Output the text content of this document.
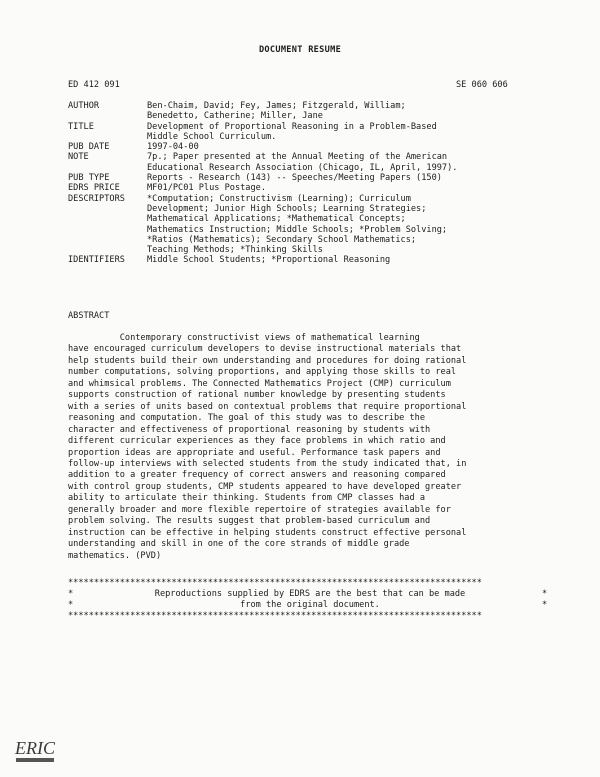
DOCUMENT RESUME
ED 412 091	SE 060 606
AUTHOR	Ben-Chaim, David; Fey, James; Fitzgerald, William;
Benedetto, Catherine; Miller, Jane
TITLE	Development of Proportional Reasoning in a Problem-Based
Middle School Curriculum.
PUB DATE	1997-04-00
NOTE	7p.; Paper presented at the Annual Meeting of the American
Educational Research Association (Chicago, IL, April, 1997).
PUB TYPE	Reports - Research (143) -- Speeches/Meeting Papers (150)
EDRS PRICE	MF01/PC01 Plus Postage.
DESCRIPTORS	*Computation; Constructivism (Learning); Curriculum
Development; Junior High Schools; Learning Strategies;
Mathematical Applications; *Mathematical Concepts;
Mathematics Instruction; Middle Schools; *Problem Solving;
*Ratios (Mathematics); Secondary School Mathematics;
Teaching Methods; *Thinking Skills
IDENTIFIERS	Middle School Students; *Proportional Reasoning
ABSTRACT
Contemporary constructivist views of mathematical learning
have encouraged curriculum developers to devise instructional materials that
help students build their own understanding and procedures for doing rational
number computations, solving proportions, and applying those skills to real
and whimsical problems. The Connected Mathematics Project (CMP) curriculum
supports construction of rational number knowledge by presenting students
with a series of units based on contextual problems that require proportional
reasoning and computation. The goal of this study was to describe the
character and effectiveness of proportional reasoning by students with
different curricular experiences as they face problems in which ratio and
proportion ideas are appropriate and useful. Performance task papers and
follow-up interviews with selected students from the study indicated that, in
addition to a greater frequency of correct answers and reasoning compared
with control group students, CMP students appeared to have developed greater
ability to articulate their thinking. Students from CMP classes had a
generally broader and more flexible repertoire of strategies available for
problem solving. The results suggest that problem-based curriculum and
instruction can be effective in helping students construct effective personal
understanding and skill in one of the core strands of middle grade
mathematics. (PVD)
********************************************************************************
*	Reproductions supplied by EDRS are the best that can be made	*
*	from the original document.	*
********************************************************************************
ERIC
